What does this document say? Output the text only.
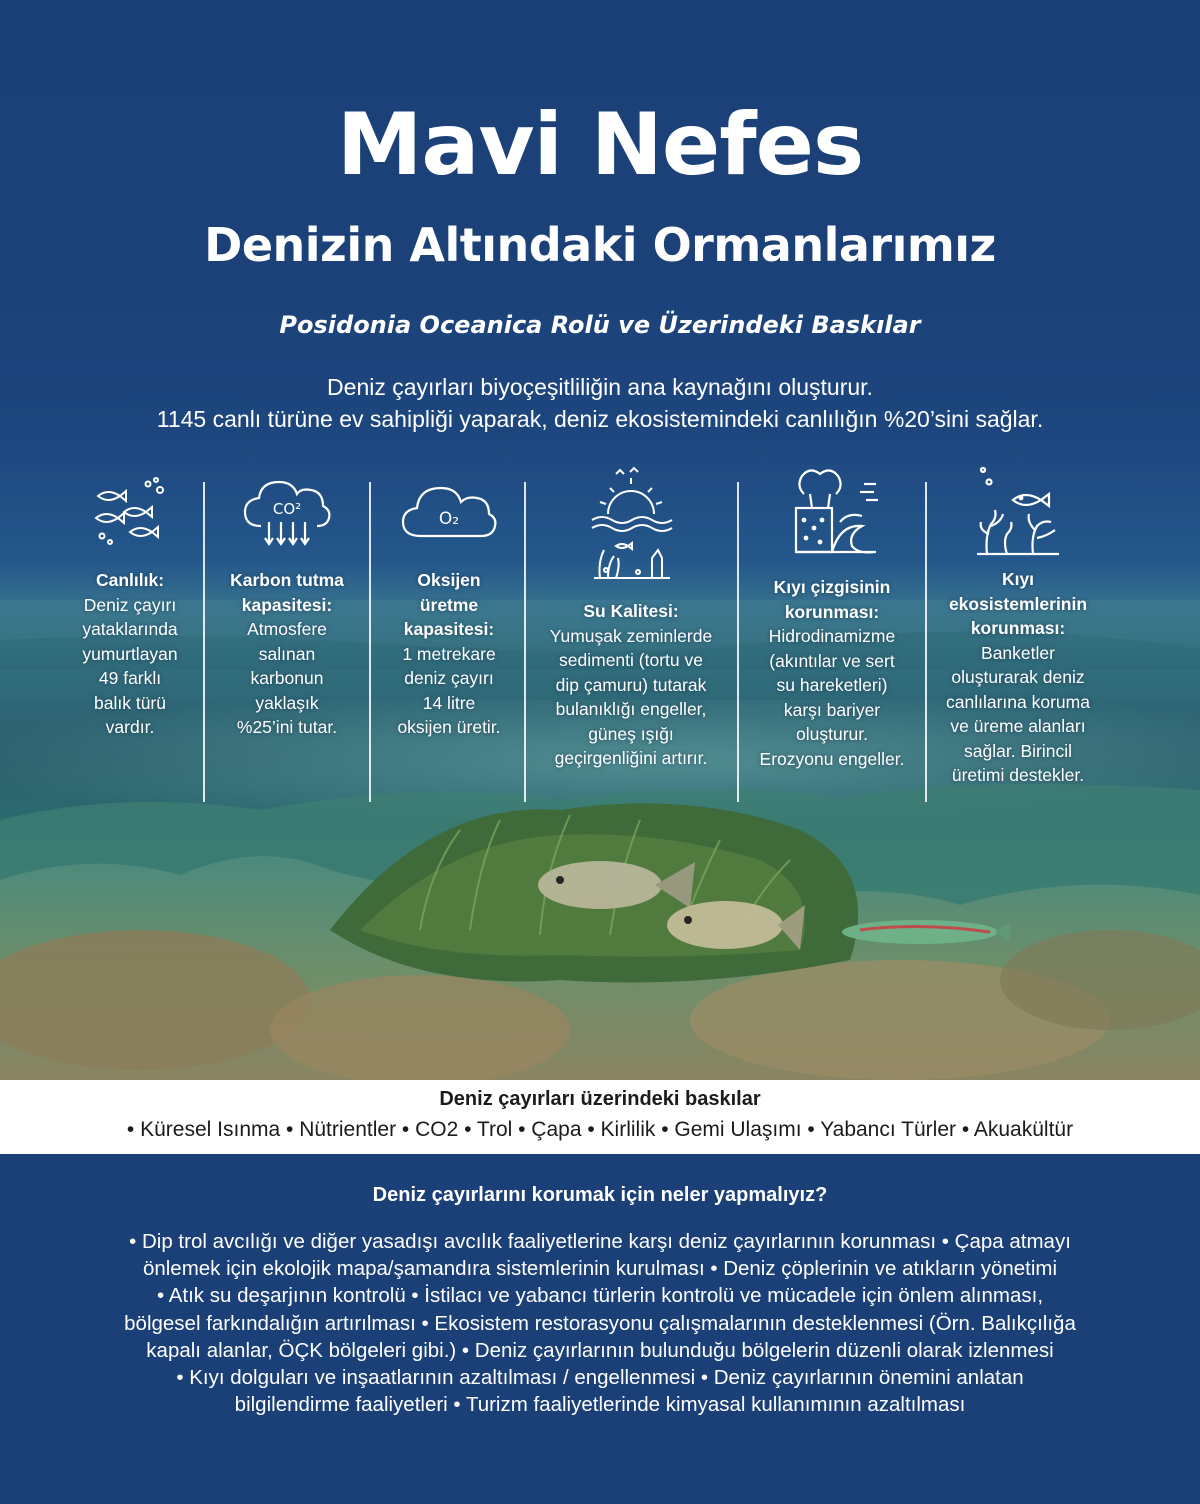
Mavi Nefes
Denizin Altındaki Ormanlarımız
Posidonia Oceanica Rolü ve Üzerindeki Baskılar
Deniz çayırları biyoçeşitliliğin ana kaynağını oluşturur.
1145 canlı türüne ev sahipliği yaparak, deniz ekosistemindeki canlılığın %20’sini sağlar.
Canlılık:
Deniz çayırı
yataklarında
yumurtlayan
49 farklı
balık türü
vardır.
CO²
Karbon tutma
kapasitesi:
Atmosfere
salınan
karbonun
yaklaşık
%25’ini tutar.
O₂
Oksijen
üretme
kapasitesi:
1 metrekare
deniz çayırı
14 litre
oksijen üretir.
Su Kalitesi:
Yumuşak zeminlerde
sedimenti (tortu ve
dip çamuru) tutarak
bulanıklığı engeller,
güneş ışığı
geçirgenliğini artırır.
Kıyı çizgisinin
korunması:
Hidrodinamizme
(akıntılar ve sert
su hareketleri)
karşı bariyer
oluşturur.
Erozyonu engeller.
Kıyı
ekosistemlerinin
korunması:
Banketler
oluşturarak deniz
canlılarına koruma
ve üreme alanları
sağlar. Birincil
üretimi destekler.
Deniz çayırları üzerindeki baskılar

• Küresel Isınma • Nütrientler • CO2 • Trol • Çapa • Kirlilik • Gemi Ulaşımı • Yabancı Türler • Akuakültür

Deniz çayırlarını korumak için neler yapmalıyız?
• Dip trol avcılığı ve diğer yasadışı avcılık faaliyetlerine karşı deniz çayırlarının korunması • Çapa atmayı
önlemek için ekolojik mapa/şamandıra sistemlerinin kurulması • Deniz çöplerinin ve atıkların yönetimi
• Atık su deşarjının kontrolü • İstilacı ve yabancı türlerin kontrolü ve mücadele için önlem alınması,
bölgesel farkındalığın artırılması • Ekosistem restorasyonu çalışmalarının desteklenmesi (Örn. Balıkçılığa
kapalı alanlar, ÖÇK bölgeleri gibi.) • Deniz çayırlarının bulunduğu bölgelerin düzenli olarak izlenmesi
• Kıyı dolguları ve inşaatlarının azaltılması / engellenmesi • Deniz çayırlarının önemini anlatan
bilgilendirme faaliyetleri • Turizm faaliyetlerinde kimyasal kullanımının azaltılması
